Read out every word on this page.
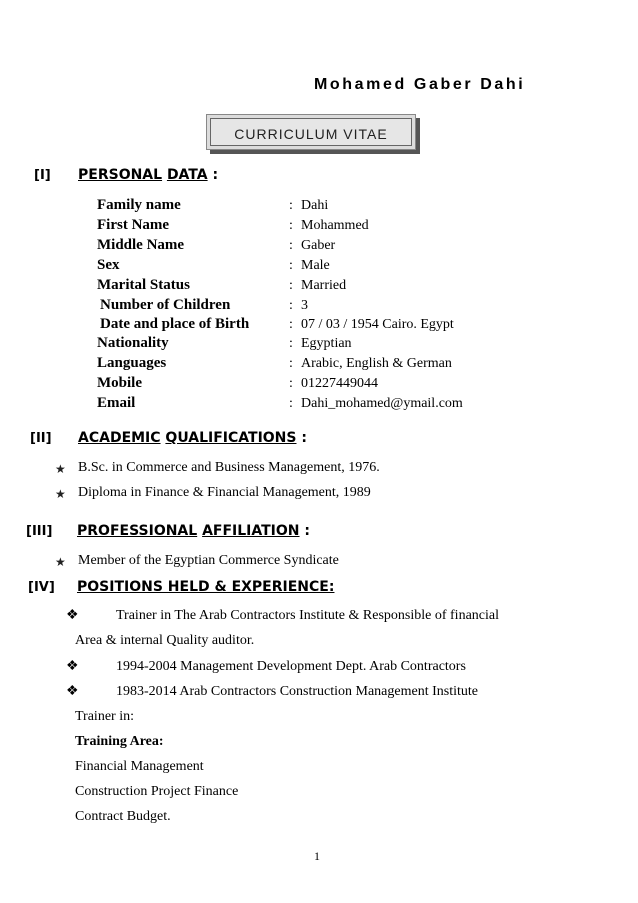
Mohamed Gaber Dahi
CURRICULUM VITAE
[I] PERSONAL DATA :
Family name	: Dahi
First Name	: Mohammed
Middle Name	: Gaber
Sex	: Male
Marital Status	: Married
Number of Children	: 3
Date and place of Birth	: 07 / 03 / 1954 Cairo. Egypt
Nationality	: Egyptian
Languages	: Arabic, English & German
Mobile	: 01227449044
Email	: Dahi_mohamed@ymail.com
[II] ACADEMIC QUALIFICATIONS :
★ B.Sc. in Commerce and Business Management, 1976.
★ Diploma in Finance & Financial Management, 1989
[III] PROFESSIONAL AFFILIATION :
★ Member of the Egyptian Commerce Syndicate
[IV] POSITIONS HELD & EXPERIENCE:
❖	Trainer in The Arab Contractors Institute & Responsible of financial
Area & internal Quality auditor.
❖	1994-2004 Management Development Dept. Arab Contractors
❖	1983-2014 Arab Contractors Construction Management Institute
Trainer in:
Training Area:
Financial Management
Construction Project Finance
Contract Budget.
1
